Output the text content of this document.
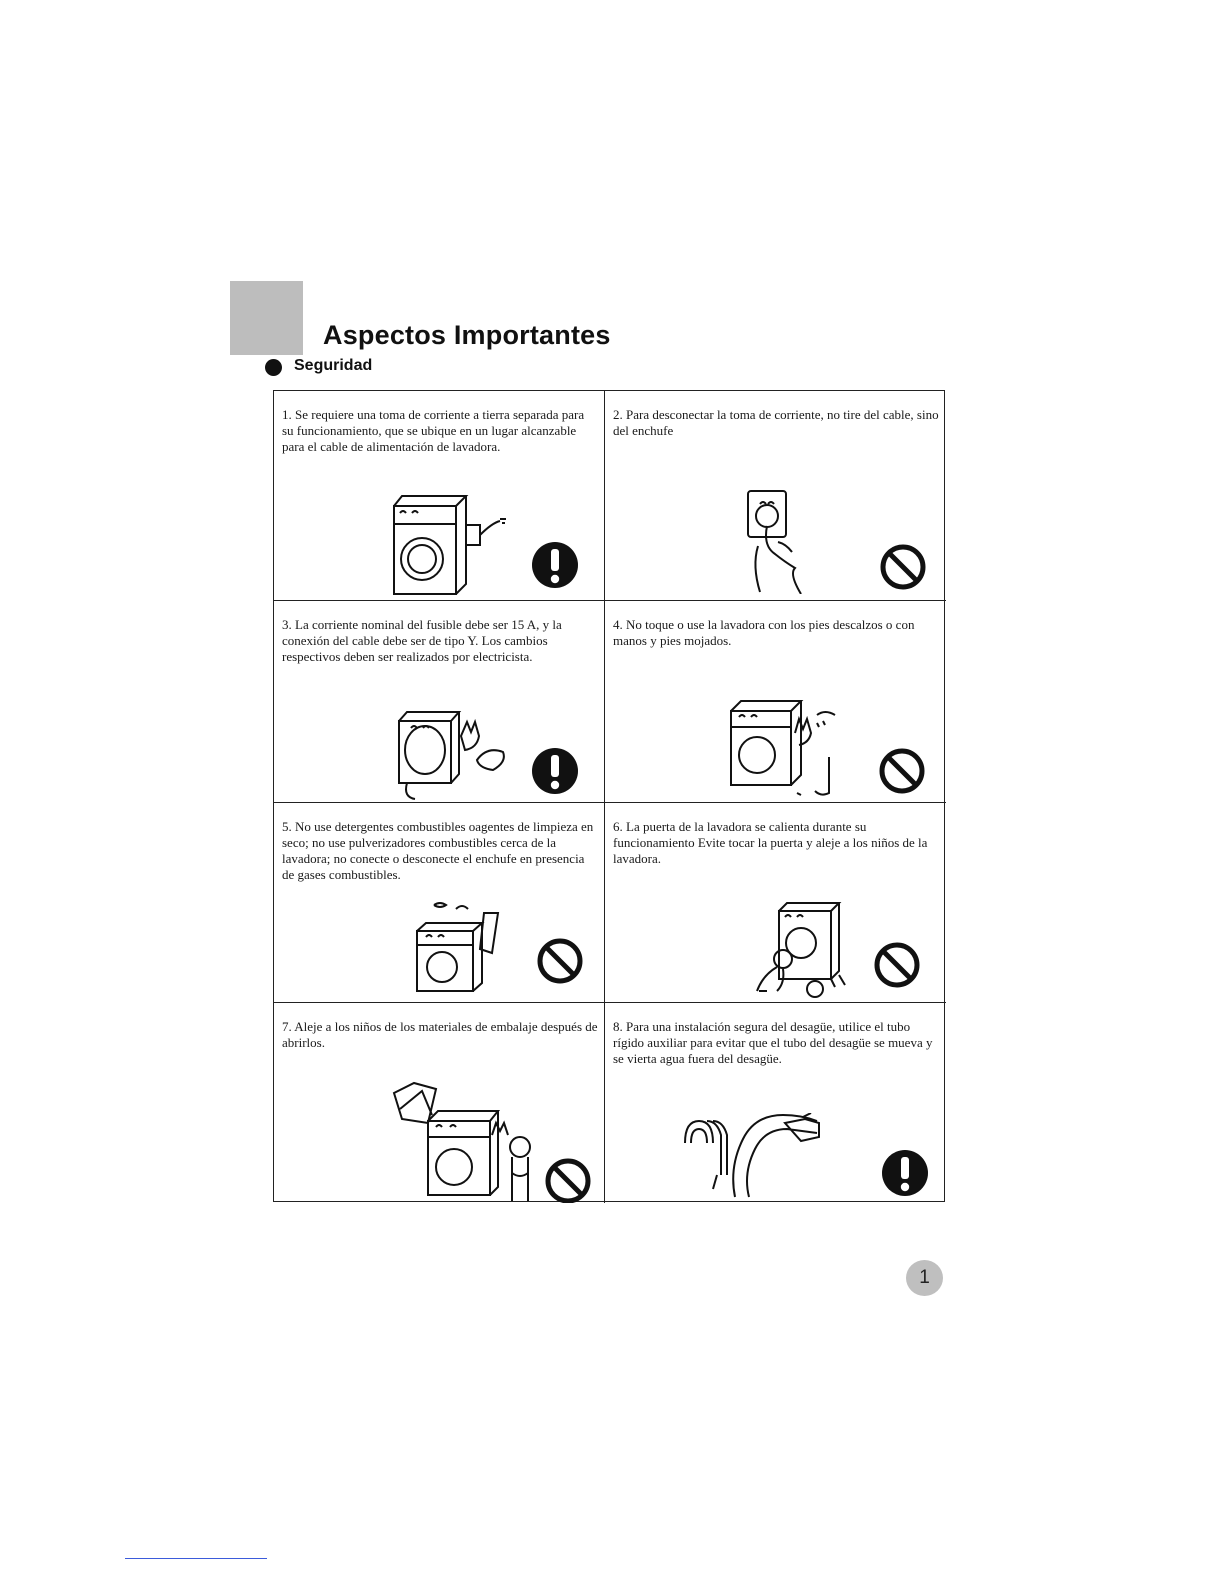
Aspectos Importantes
Seguridad

1. Se requiere una toma de corriente a tierra separada para su funcionamiento, que se ubique en un lugar alcanzable para el cable de alimentación de lavadora.

2. Para desconectar la toma de corriente, no tire del cable, sino del enchufe

3. La corriente nominal del fusible debe ser 15 A, y la conexión del cable debe ser de tipo Y. Los cambios respectivos deben ser realizados por electricista.

4. No toque o use la lavadora con los pies descalzos o con manos y pies mojados.

5. No use detergentes combustibles oagentes de limpieza en seco; no use pulverizadores combustibles cerca de la lavadora; no conecte o desconecte el enchufe en presencia de gases combustibles.

6. La puerta de la lavadora se calienta durante su funcionamiento Evite tocar la puerta y aleje a los niños de la lavadora.

7. Aleje a los niños de los materiales de embalaje después de abrirlos.

8. Para una instalación segura del desagüe, utilice el tubo rígido auxiliar para evitar que el tubo del desagüe se mueva y se vierta agua fuera del desagüe.

1
